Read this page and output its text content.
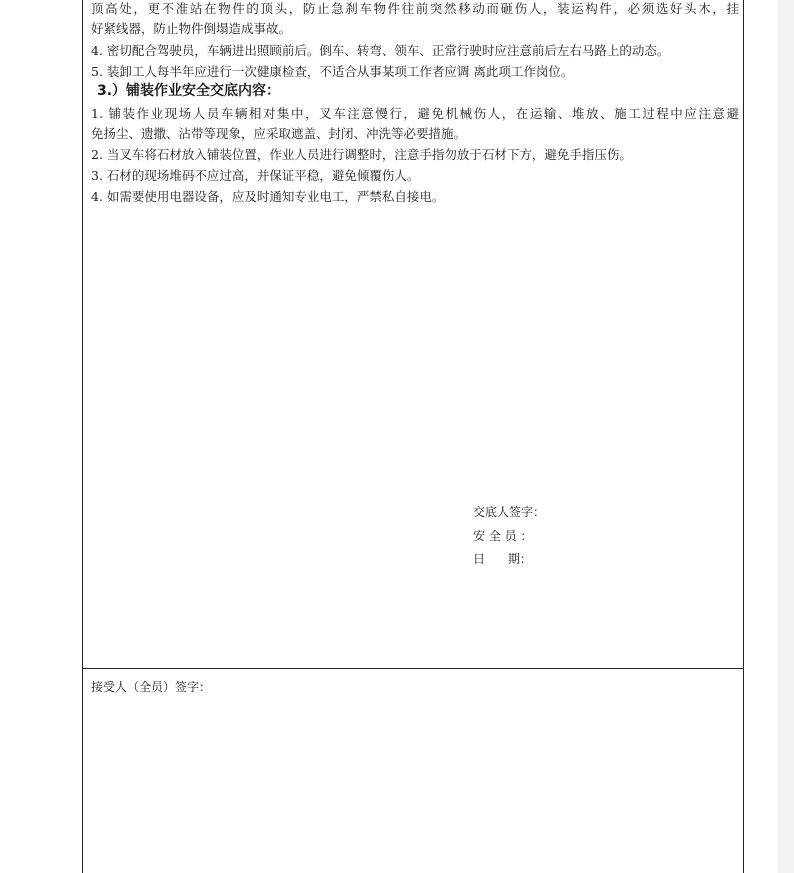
顶高处，更不准站在物件的顶头，防止急刹车物件往前突然移动而砸伤人，装运构件，必须选好头木，挂
好紧线器，防止物件倒塌造成事故。
4. 密切配合驾驶员，车辆进出照顾前后。倒车、转弯、领车、正常行驶时应注意前后左右马路上的动态。
5. 装卸工人每半年应进行一次健康检查，不适合从事某项工作者应调 离此项工作岗位。
3.）铺装作业安全交底内容：
1. 铺装作业现场人员车辆相对集中，叉车注意慢行，避免机械伤人，在运输、堆放、施工过程中应注意避
免扬尘、遗撒、沾带等现象，应采取遮盖、封闭、冲洗等必要措施。
2. 当叉车将石材放入铺装位置，作业人员进行调整时，注意手指勿放于石材下方，避免手指压伤。
3. 石材的现场堆码不应过高，并保证平稳，避免倾覆伤人。
4. 如需要使用电器设备，应及时通知专业电工，严禁私自接电。
交底人签字：
安 全 员 ：
日      期：
接受人（全员）签字：
